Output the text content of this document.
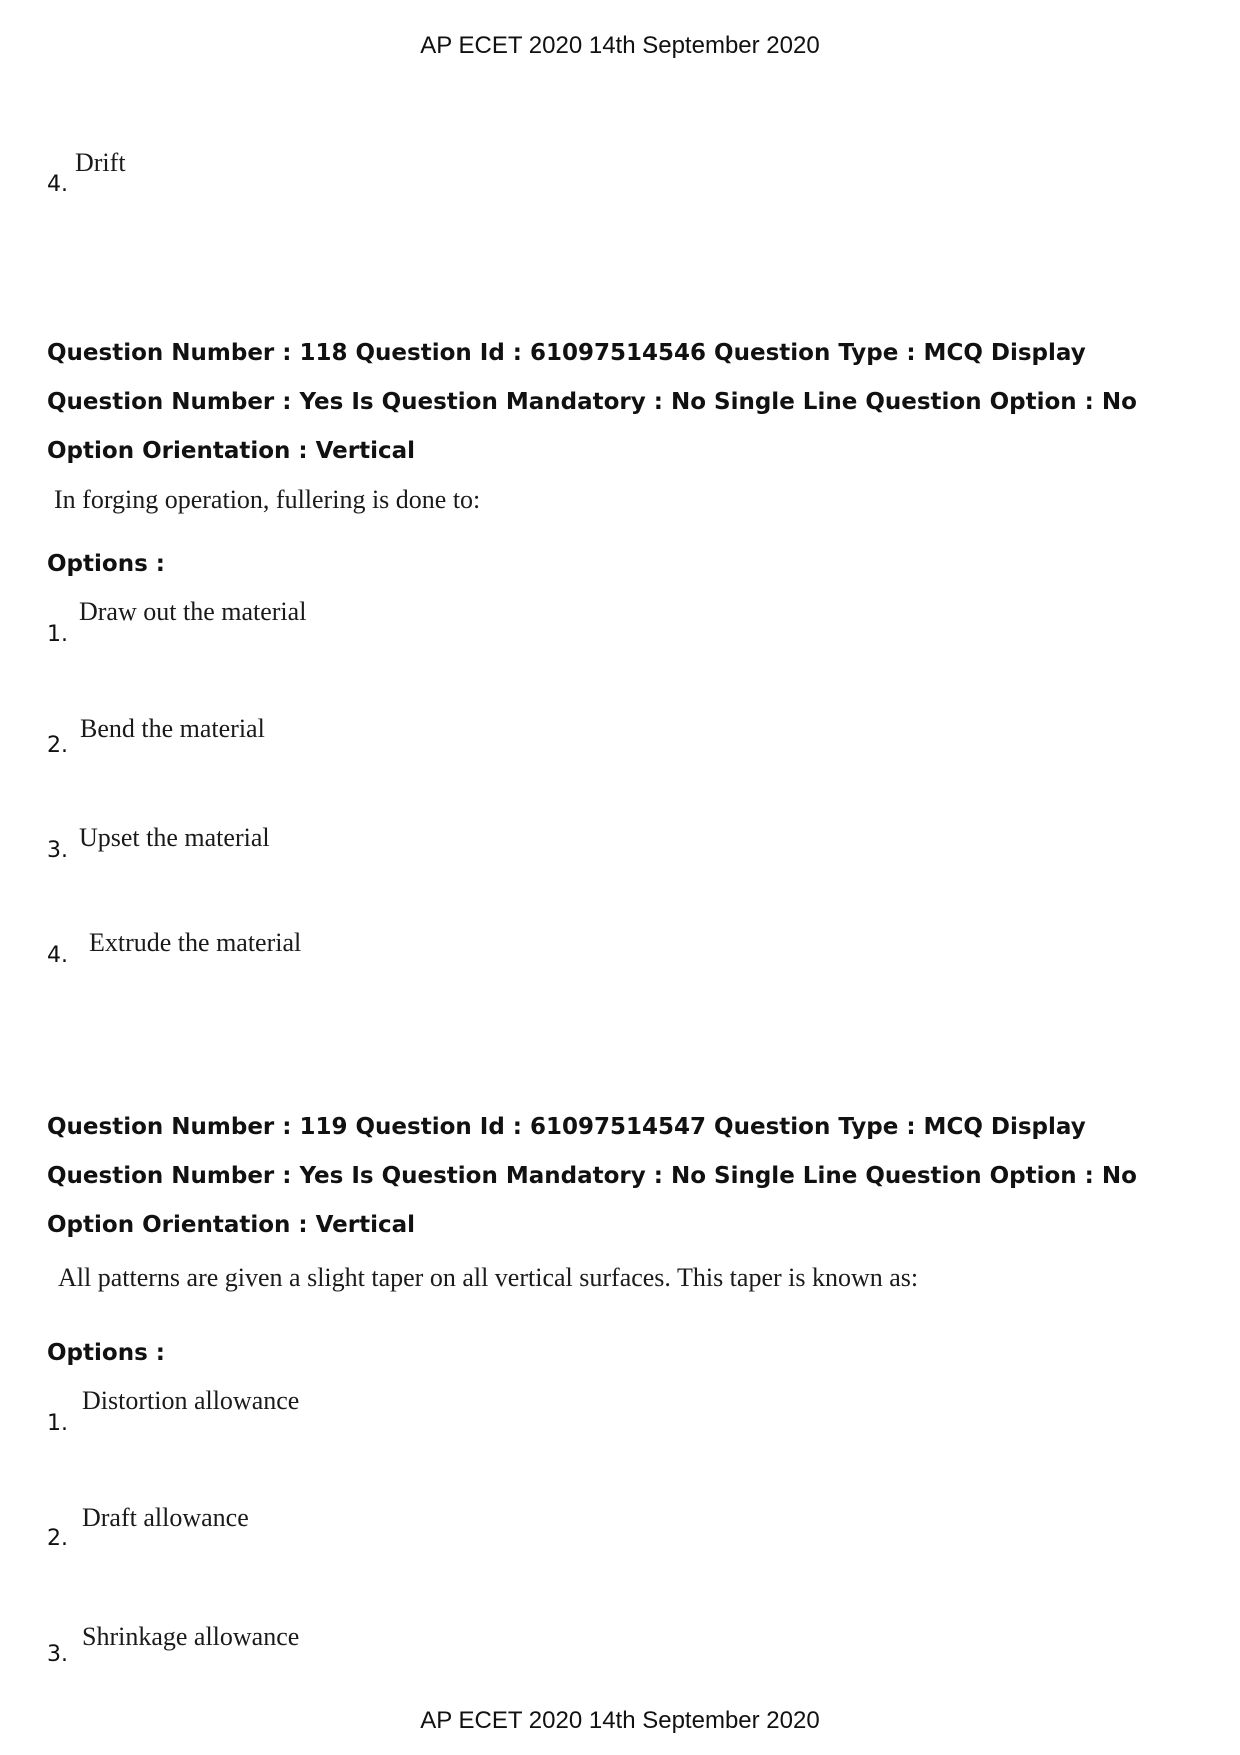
AP ECET 2020 14th September 2020
4.
Drift
Question Number : 118 Question Id : 61097514546 Question Type : MCQ Display Question Number : Yes Is Question Mandatory : No Single Line Question Option : No Option Orientation : Vertical
In forging operation, fullering is done to:
Options :
1.
Draw out the material
2.
Bend the material
3. Upset the material
4. Extrude the material
Question Number : 119 Question Id : 61097514547 Question Type : MCQ Display Question Number : Yes Is Question Mandatory : No Single Line Question Option : No Option Orientation : Vertical
All patterns are given a slight taper on all vertical surfaces. This taper is known as:
Options :
1.
Distortion allowance
2.
Draft allowance
3.
Shrinkage allowance
AP ECET 2020 14th September 2020
